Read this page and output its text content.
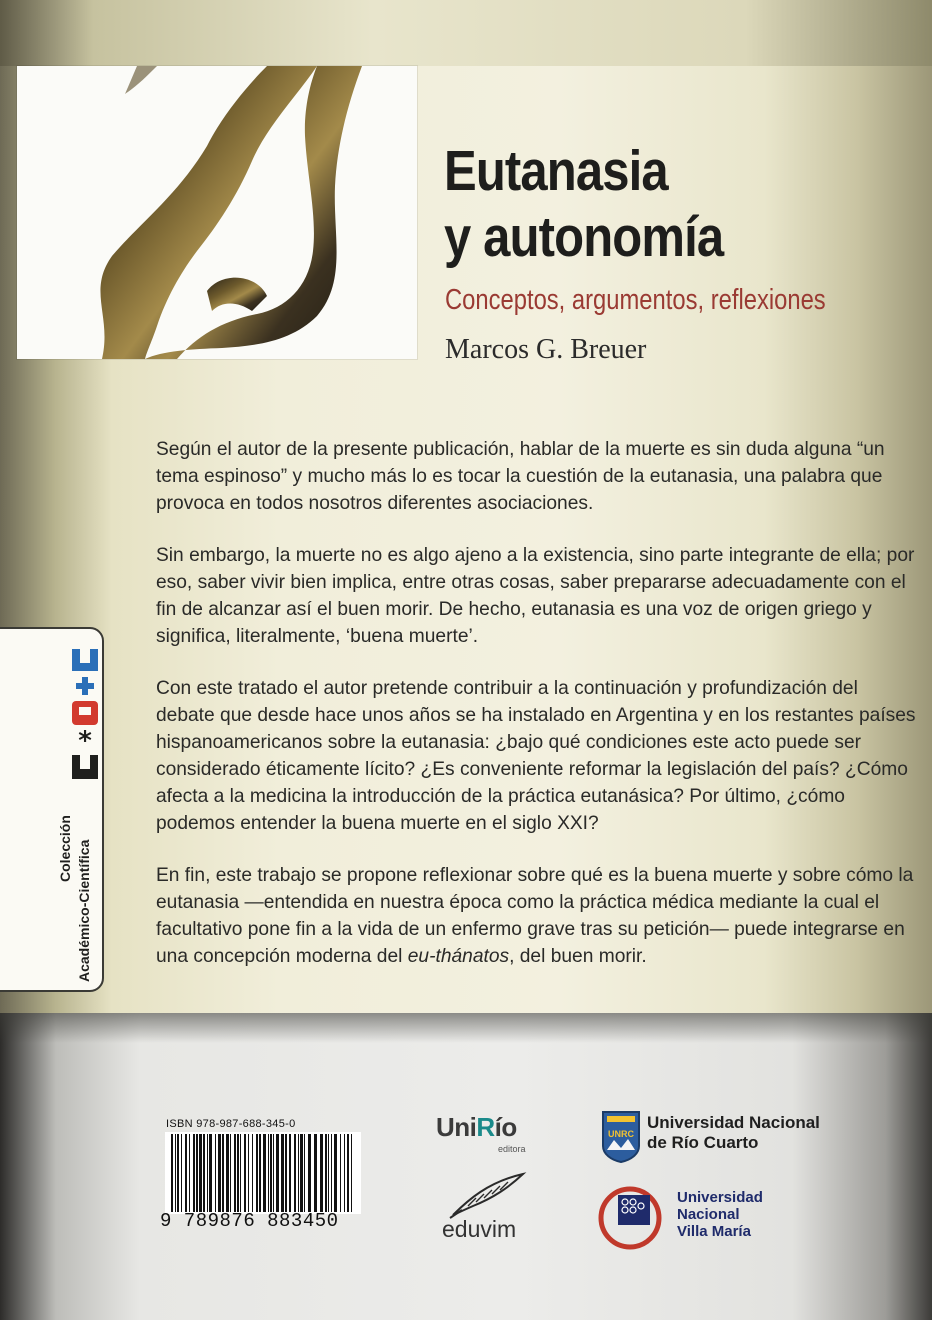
Eutanasia
y autonomía
Conceptos, argumentos, reflexiones
Marcos G. Breuer

Según el autor de la presente publicación, hablar de la muerte es sin duda alguna “un
tema espinoso” y mucho más lo es tocar la cuestión de la eutanasia, una palabra que
provoca en todos nosotros diferentes asociaciones.

Sin embargo, la muerte no es algo ajeno a la existencia, sino parte integrante de ella; por
eso, saber vivir bien implica, entre otras cosas, saber prepararse adecuadamente con el
fin de alcanzar así el buen morir. De hecho, eutanasia es una voz de origen griego y
significa, literalmente, ‘buena muerte’.

Con este tratado el autor pretende contribuir a la continuación y profundización del
debate que desde hace unos años se ha instalado en Argentina y en los restantes países
hispanoamericanos sobre la eutanasia: ¿bajo qué condiciones este acto puede ser
considerado éticamente lícito? ¿Es conveniente reformar la legislación del país? ¿Cómo
afecta a la medicina la introducción de la práctica eutanásica? Por último, ¿cómo
podemos entender la buena muerte en el siglo XXI?

En fin, este trabajo se propone reflexionar sobre qué es la buena muerte y sobre cómo la
eutanasia —entendida en nuestra época como la práctica médica mediante la cual el
facultativo pone fin a la vida de un enfermo grave tras su petición— puede integrarse en
una concepción moderna del eu-thánatos, del buen morir.

*
Colección Académico-Científica
ISBN 978-987-688-345-0
9 789876 883450
UniRío
editora
eduvim
UNRC
Universidad Nacional
de Río Cuarto
Universidad
Nacional
Villa María
